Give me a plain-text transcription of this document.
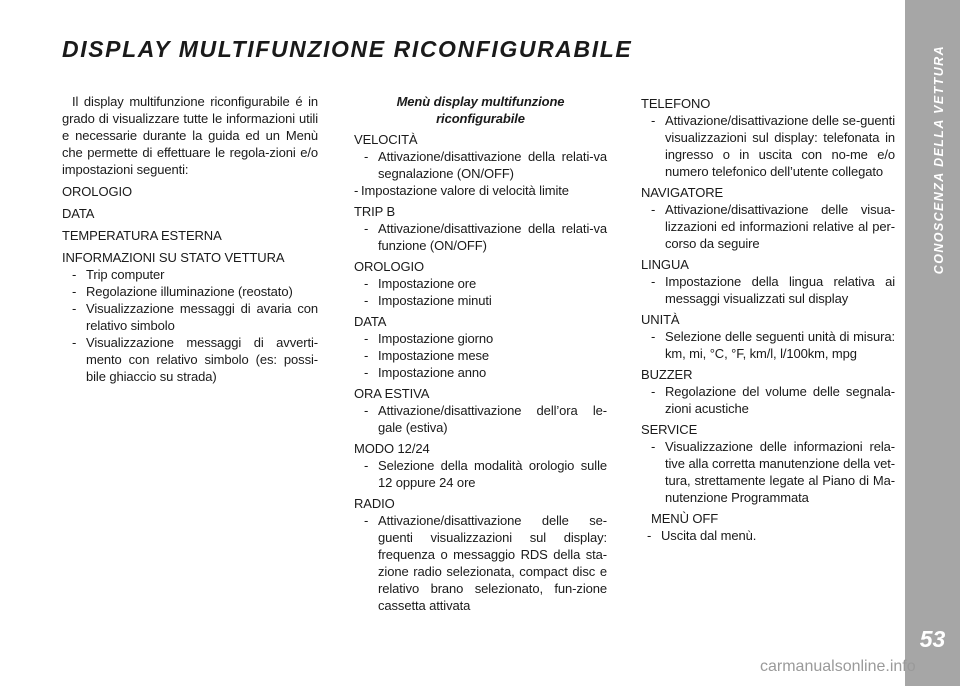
DISPLAY MULTIFUNZIONE RICONFIGURABILE	CONOSCENZA DELLA VETTURA
53

Il display multifunzione riconfigurabile é in grado di visualizzare tutte le informazioni utili e necessarie durante la guida ed un Menù che permette di effettuare le regola-zioni e/o impostazioni seguenti:

OROLOGIO

DATA

TEMPERATURA ESTERNA

INFORMAZIONI SU STATO VETTURA

- Trip computer
- Regolazione illuminazione (reostato)
- Visualizzazione messaggi di avaria con relativo simbolo
- Visualizzazione messaggi di avverti-mento con relativo simbolo (es: possi-bile ghiaccio su strada)

Menù display multifunzione riconfigurabile

VELOCITÀ

- Attivazione/disattivazione della relati-va segnalazione (ON/OFF)
- Impostazione valore di velocità limite

TRIP B

- Attivazione/disattivazione della relati-va funzione (ON/OFF)

OROLOGIO

- Impostazione ore
- Impostazione minuti

DATA

- Impostazione giorno
- Impostazione mese
- Impostazione anno

ORA ESTIVA

- Attivazione/disattivazione dell’ora le-gale (estiva)

MODO 12/24

- Selezione della modalità orologio sulle 12 oppure 24 ore

RADIO

- Attivazione/disattivazione delle se-guenti visualizzazioni sul display: frequenza o messaggio RDS della sta-zione radio selezionata, compact disc e relativo brano selezionato, fun-zione cassetta attivata

TELEFONO

- Attivazione/disattivazione delle se-guenti visualizzazioni sul display: telefonata in ingresso o in uscita con no-me e/o numero telefonico dell’utente collegato

NAVIGATORE

- Attivazione/disattivazione delle visua-lizzazioni ed informazioni relative al per-corso da seguire

LINGUA

- Impostazione della lingua relativa ai messaggi visualizzati sul display

UNITÀ

- Selezione delle seguenti unità di misura: km, mi, °C, °F, km/l, l/100km, mpg

BUZZER

- Regolazione del volume delle segnala-zioni acustiche

SERVICE

- Visualizzazione delle informazioni rela-tive alla corretta manutenzione della vet-tura, strettamente legate al Piano di Ma-nutenzione Programmata

MENÙ OFF

- Uscita dal menù.
carmanualsonline.info
